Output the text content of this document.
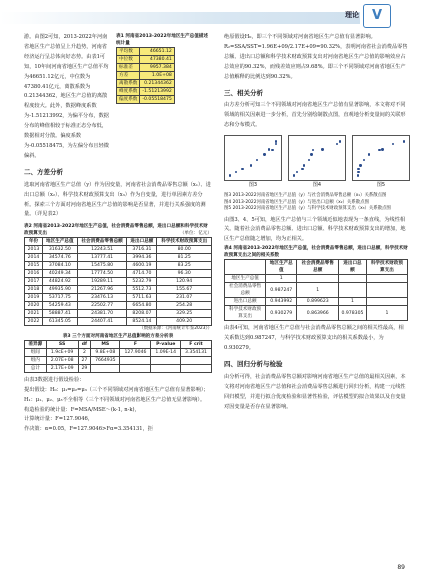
理论 V

游。由图2可知，2013-2022年河南省地区生产总值呈上升趋势，河南省经济运行呈总体向好态势。由表1可知，10年间河南省地区生产总值平均为46651.12亿元，中位数为47380.41亿元，离散系数为0.21344362，地区生产总值的离散程度较大。此外，数据峰度系数为-1.51213992，为偏平分布，数据分布的峰值相较于标准正态分布低，数据相对分散。偏度系数为-0.05518475，为左偏分布且轻微偏斜。

表1 河南省2013-2022年地区生产总值描述统计量
平均数	46651.12
中位数	47380.41
标准差	9957.384
方差	1.0E+08
离散系数	0.21344362
峰度系数	-1.51213992
偏度系数	-0.05518475
二、方差分析

选取河南省地区生产总值（y）作为因变量，河南省社会消费品零售总额（x₁）、进出口总额（x₂）、科学技术财政预算支出（x₃）作为自变量，进行单因素方差分析。探索三个方面对河南省地区生产总值的影响是否显著，并进行关系强度的测量。（详见表2）

表2 河南省2013-2022年地区生产总值，社会消费品零售总额，进出口总额和科学技术财政预算支出	（单位：亿元）
年份	地区生产总值	社会消费品零售总额	进出口总额	科学技术财政预算支出
2013	31632.50	12243.51	3716.31	80.00
2014	34574.76	13777.41	3994.36	81.25
2015	37084.10	15475.80	4600.19	83.25
2016	40249.34	17774.50	4714.70	96.30
2017	44824.92	19289.11	5232.79	120.94
2018	49935.90	21267.96	5512.73	155.67
2019	53717.75	23476.13	5711.63	231.07
2020	54259.43	22502.77	6654.80	254.28
2021	58887.41	24381.70	8208.07	329.25
2022	61345.05	24407.41	8524.14	409.20
（数据来源：《河南统计年鉴2023》）
表3 三个方面对河南省地区生产总值影响的方差分析表
差异源	SS	df	MS	F	P-value	F crit
组间	1.9cE+09	2	9.8E+08	127.9046	1.09E-14	3.354131
组内	2.07E+08	27	7664935			
总计	2.17E+09	29				

由表3数据进行假设检验：

提出假设：H₀：μ₁=μ₂=μ₃（三个不同领域对河南省地区生产总值有显著影响）；H₁：μ₁、μ₂、μ₃不全相等（三个不同领域对河南省地区生产总值无显著影响）。

构造检验的统计量：F=MSA/MSE～(k-1, n-k)，

计算统计量：F=127.9046，

作决策：α=0.05，F=127.9046>Fα=3.354131，拒

绝原假设H₀，即三个不同领域对河南省地区生产总值有显著影响。R₂=SSA/SST=1.96E+09/2.17E+09=90.32%，表明河南省社会消费品零售总额、进出口总额和科学技术财政预算支出对河南省地区生产总值的影响效应占总效应的90.32%，而残差效应则占9.68%。即三个不同领域对河南省地区生产总值解释的比例达到90.32%。

三、相关分析

由方差分析可知三个不同领域对河南省地区生产总值有显著影响，本文将对不同领域的相关因素进一步分析，首先分别绘制散点图，直观地分析变量间的关联形态和分布模式。

图3	图4	图5
图3 2013-2022河南省地区生产总值（y）与社会消费品零售总额（x₁）关系散点图
图4 2013-2022河南省地区生产总值（y）与进出口总额（x₂）关系散点图
图5 2013-2022河南省地区生产总值（y）与科学技术财政预算支出（x₃）关系散点图

由图3、4、5可知，地区生产总值与三个领域近似地表现为一条直线，为线性相关。随着社会消费品零售总额、进出口总额、科学技术财政预算支出的增加，地区生产总值随之增加，均为正相关。

表4 河南省2013-2022年地区生产总值，社会消费品零售总额，进出口总额，科学技术财政预算支出之间的相关系数
	地区生产总值	社会消费品零售总额	进出口总额	科学技术财政预算支出
地区生产总值	1			
社会消费品零售总额	0.987247	1		
进出口总额	0.943992	0.899623	1	
科学技术财政预算支出	0.930279	0.863966	0.978305	1

由表4可知，河南省地区生产总值与社会消费品零售总额之间的相关性最高，相关系数达到0.987247，与科学技术财政预算支出的相关系数最小，为0.930279。

四、回归分析与检验

由分析可得，社会消费品零售总额对影响河南省地区生产总值的最相关因素，本文将对河南省地区生产总值和社会消费品零售总额进行回归分析，构建一元线性回归模型，并进行拟合优度检验和显著性检验，评估模型的拟合效果以及自变量对因变量是否存在显著影响。

89
